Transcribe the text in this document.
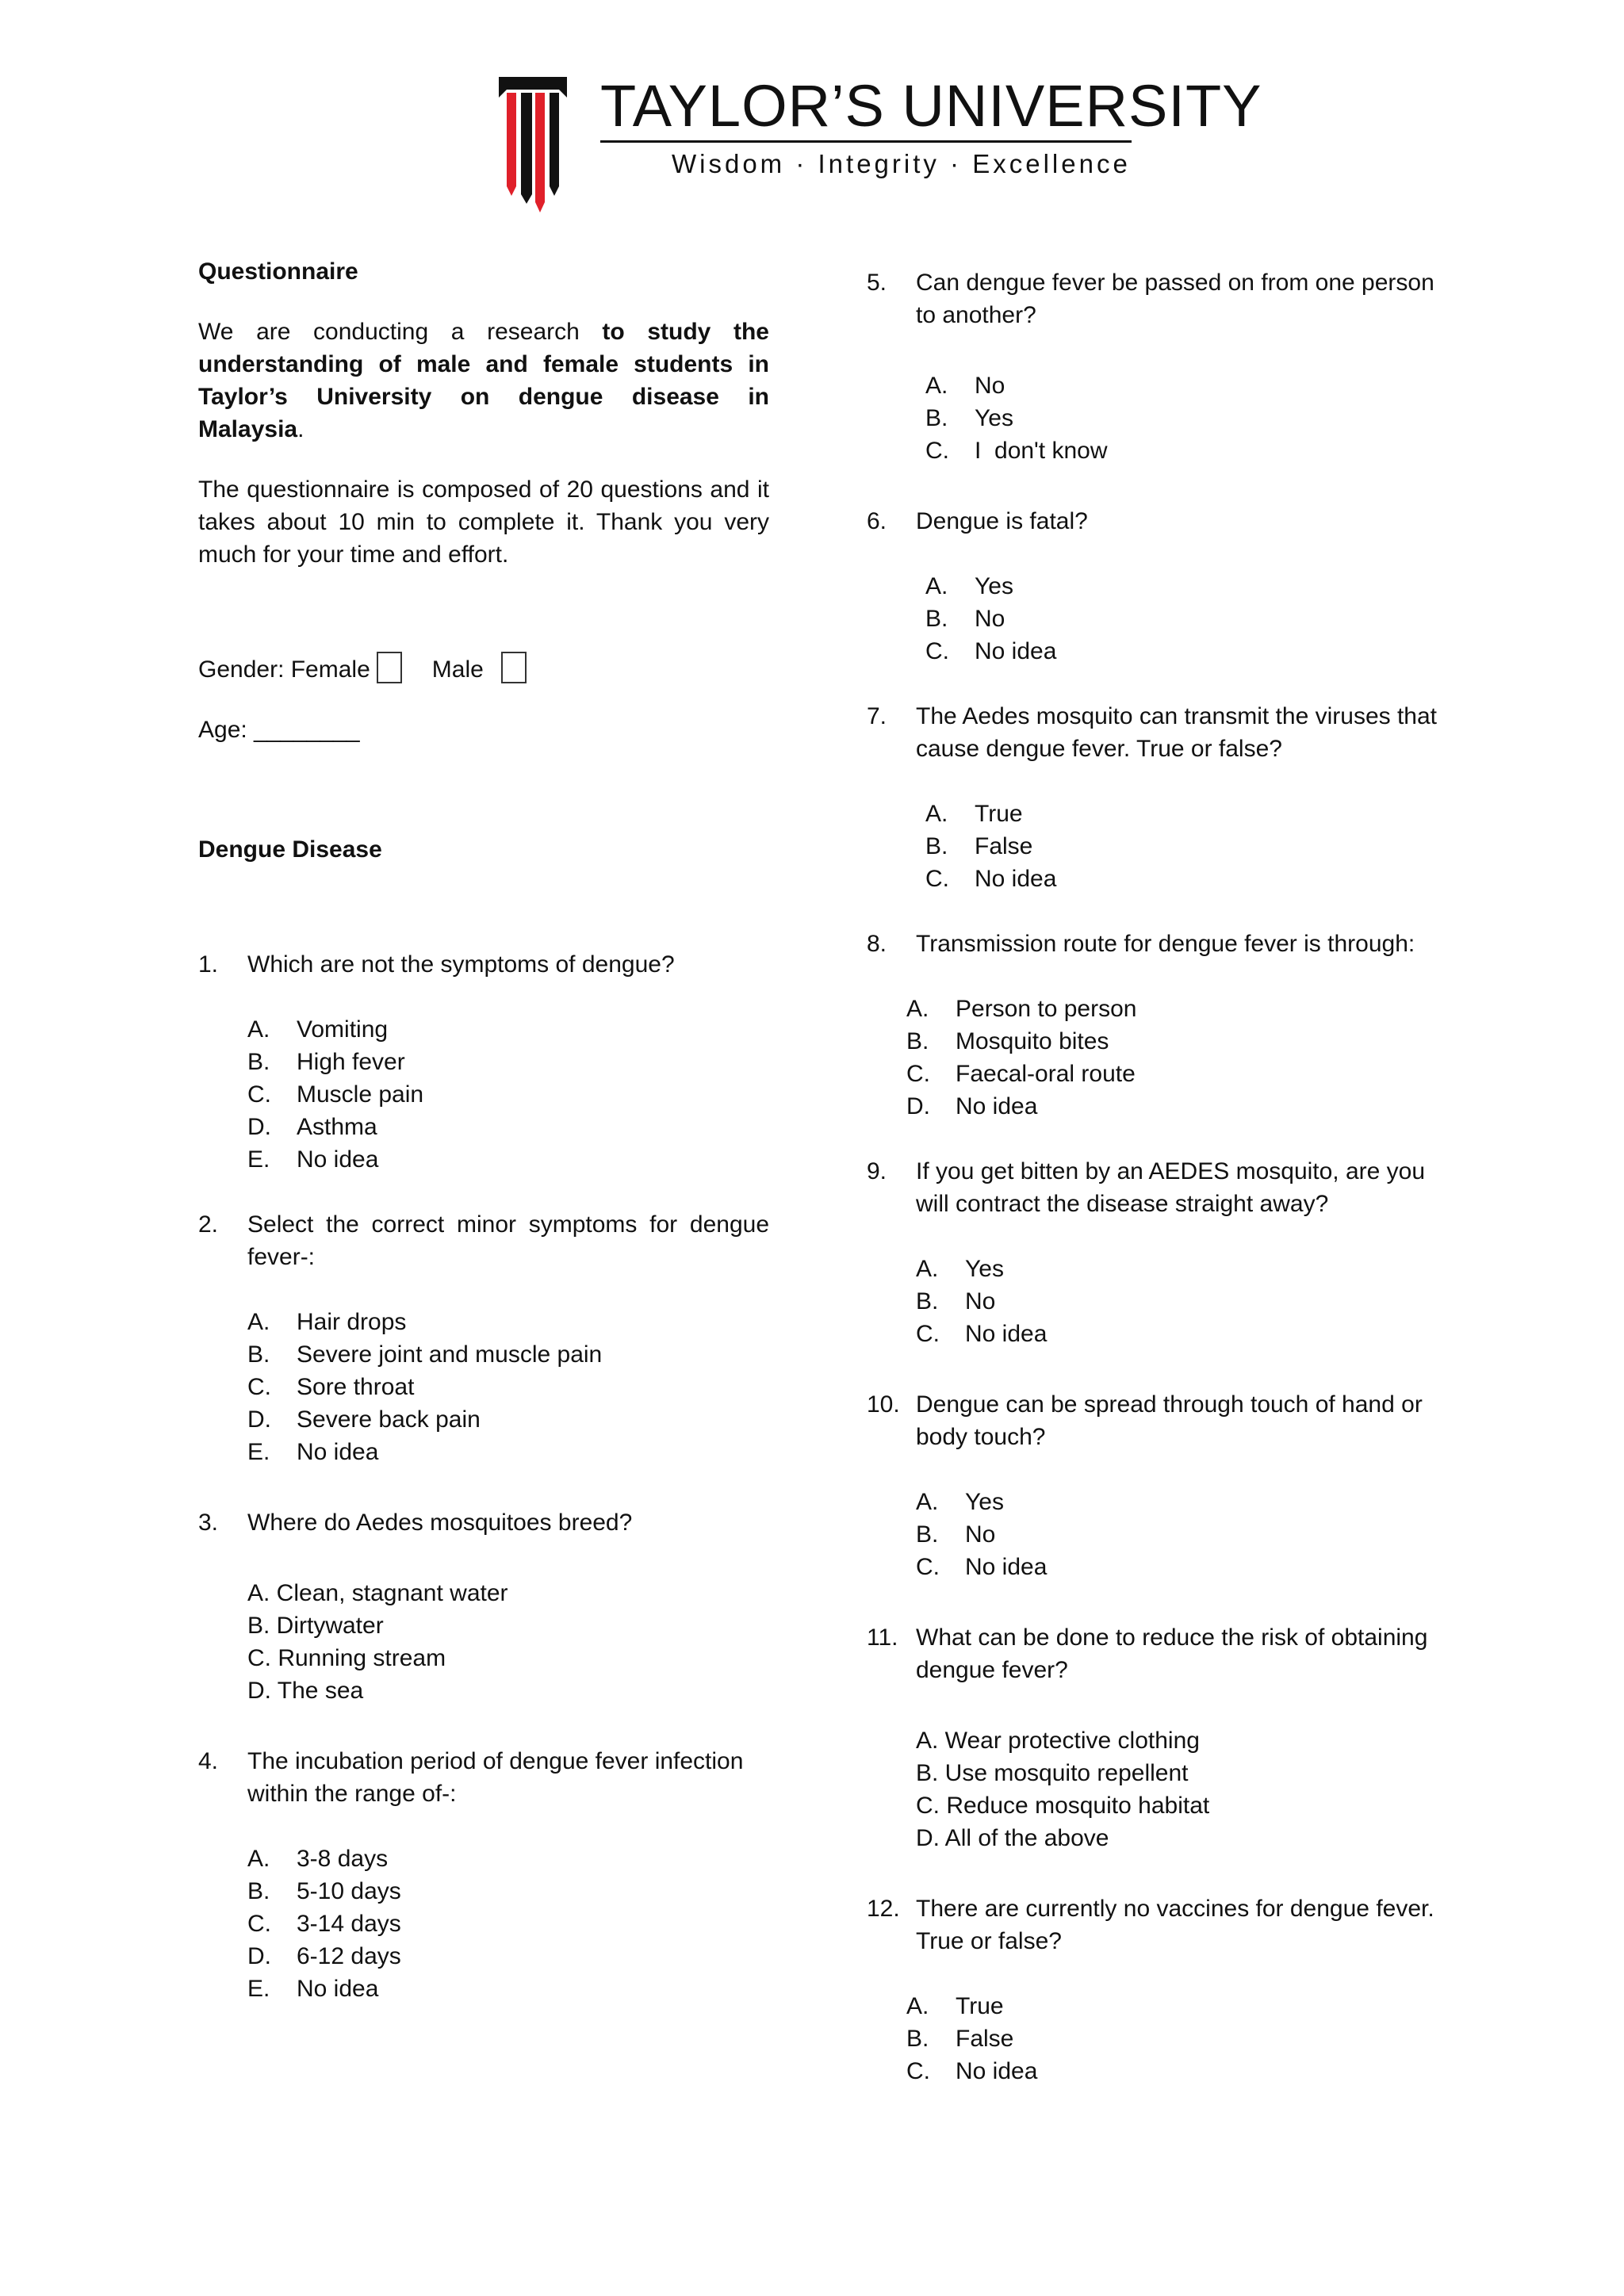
TAYLOR’S UNIVERSITY
Wisdom · Integrity · Excellence

Questionnaire

We are conducting a research to study the understanding of male and female students in Taylor’s University on dengue disease in Malaysia.

The questionnaire is composed of 20 questions and it takes about 10 min to complete it. Thank you very much for your time and effort.

Gender: Female	Male
Age: ________

Dengue Disease

1. Which are not the symptoms of dengue?

A. Vomiting
B. High fever
C. Muscle pain
D. Asthma
E. No idea
2. Select the correct minor symptoms for dengue fever-:

A. Hair drops
B. Severe joint and muscle pain
C. Sore throat
D. Severe back pain
E. No idea
3. Where do Aedes mosquitoes breed?

A. Clean, stagnant water
B. Dirtywater
C. Running stream
D. The sea
4. The incubation period of dengue fever infection within the range of-:

A. 3-8 days
B. 5-10 days
C. 3-14 days
D. 6-12 days
E. No idea
5. Can dengue fever be passed on from one person to another?

A. No
B. Yes
C. I  don't know
6. Dengue is fatal?

A. Yes
B. No
C. No idea
7. The Aedes mosquito can transmit the viruses that cause dengue fever. True or false?

A. True
B. False
C. No idea
8. Transmission route for dengue fever is through:

A. Person to person
B. Mosquito bites
C. Faecal-oral route
D. No idea
9. If you get bitten by an AEDES mosquito, are you will contract the disease straight away?

A. Yes
B. No
C. No idea
10. Dengue can be spread through touch of hand or body touch?

A. Yes
B. No
C. No idea
11. What can be done to reduce the risk of obtaining dengue fever?

A. Wear protective clothing
B. Use mosquito repellent
C. Reduce mosquito habitat
D. All of the above
12. There are currently no vaccines for dengue fever. True or false?

A. True
B. False
C. No idea
